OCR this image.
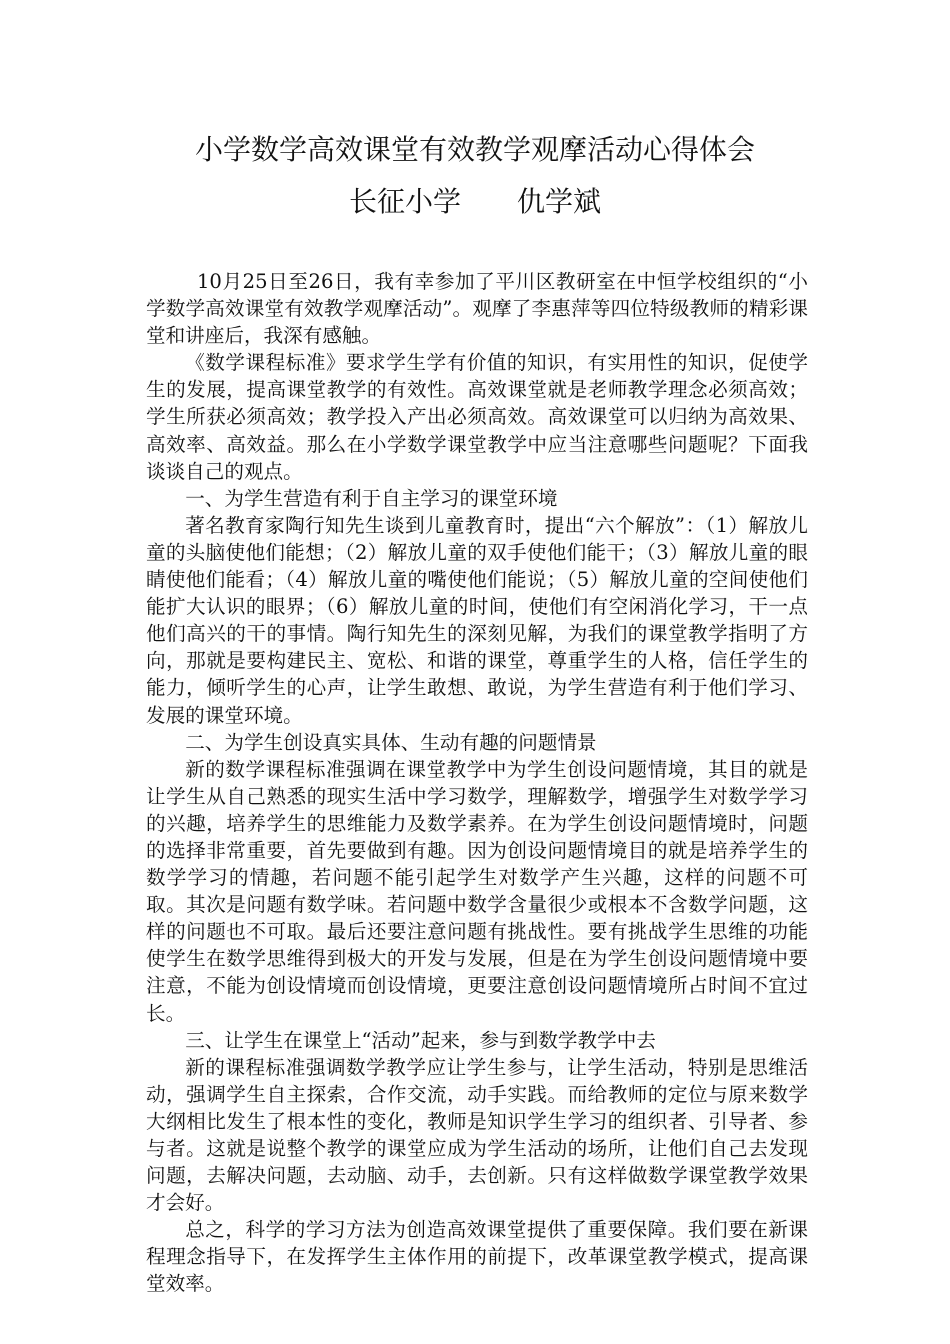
小学数学高效课堂有效教学观摩活动心得体会
长征小学 仇学斌

10月25日至26日，我有幸参加了平川区教研室在中恒学校组织的“小学数学高效课堂有效教学观摩活动”。观摩了李惠萍等四位特级教师的精彩课堂和讲座后，我深有感触。

《数学课程标准》要求学生学有价值的知识，有实用性的知识，促使学生的发展，提高课堂教学的有效性。高效课堂就是老师教学理念必须高效；学生所获必须高效；教学投入产出必须高效。高效课堂可以归纳为高效果、高效率、高效益。那么在小学数学课堂教学中应当注意哪些问题呢？下面我谈谈自己的观点。

一、为学生营造有利于自主学习的课堂环境

著名教育家陶行知先生谈到儿童教育时，提出“六个解放”：（1）解放儿童的头脑使他们能想；（2）解放儿童的双手使他们能干；（3）解放儿童的眼睛使他们能看；（4）解放儿童的嘴使他们能说；（5）解放儿童的空间使他们能扩大认识的眼界；（6）解放儿童的时间，使他们有空闲消化学习，干一点他们高兴的干的事情。陶行知先生的深刻见解，为我们的课堂教学指明了方向，那就是要构建民主、宽松、和谐的课堂，尊重学生的人格，信任学生的能力，倾听学生的心声，让学生敢想、敢说，为学生营造有利于他们学习、发展的课堂环境。

二、为学生创设真实具体、生动有趣的问题情景

新的数学课程标准强调在课堂教学中为学生创设问题情境，其目的就是让学生从自己熟悉的现实生活中学习数学，理解数学，增强学生对数学学习的兴趣，培养学生的思维能力及数学素养。在为学生创设问题情境时，问题的选择非常重要，首先要做到有趣。因为创设问题情境目的就是培养学生的数学学习的情趣，若问题不能引起学生对数学产生兴趣，这样的问题不可取。其次是问题有数学味。若问题中数学含量很少或根本不含数学问题，这样的问题也不可取。最后还要注意问题有挑战性。要有挑战学生思维的功能使学生在数学思维得到极大的开发与发展，但是在为学生创设问题情境中要注意，不能为创设情境而创设情境，更要注意创设问题情境所占时间不宜过长。

三、让学生在课堂上“活动”起来，参与到数学教学中去

新的课程标准强调数学教学应让学生参与，让学生活动，特别是思维活动，强调学生自主探索，合作交流，动手实践。而给教师的定位与原来数学大纲相比发生了根本性的变化，教师是知识学生学习的组织者、引导者、参与者。这就是说整个教学的课堂应成为学生活动的场所，让他们自己去发现问题，去解决问题，去动脑、动手，去创新。只有这样做数学课堂教学效果才会好。

总之，科学的学习方法为创造高效课堂提供了重要保障。我们要在新课程理念指导下，在发挥学生主体作用的前提下，改革课堂教学模式，提高课堂效率。
